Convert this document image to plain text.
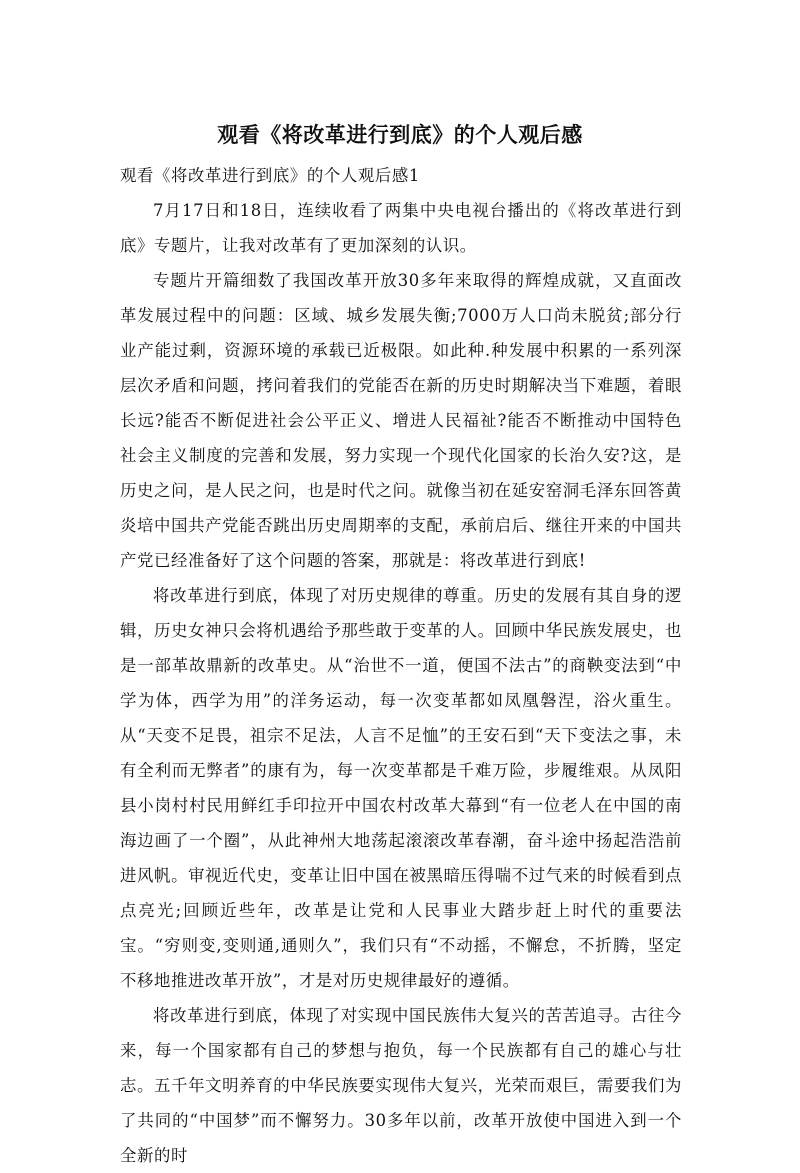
观看《将改革进行到底》的个人观后感

观看《将改革进行到底》的个人观后感1

7月17日和18日，连续收看了两集中央电视台播出的《将改革进行到底》专题片，让我对改革有了更加深刻的认识。

专题片开篇细数了我国改革开放30多年来取得的辉煌成就，又直面改革发展过程中的问题：区域、城乡发展失衡;7000万人口尚未脱贫;部分行业产能过剩，资源环境的承载已近极限。如此种.种发展中积累的一系列深层次矛盾和问题，拷问着我们的党能否在新的历史时期解决当下难题，着眼长远?能否不断促进社会公平正义、增进人民福祉?能否不断推动中国特色社会主义制度的完善和发展，努力实现一个现代化国家的长治久安?这，是历史之问，是人民之问，也是时代之问。就像当初在延安窑洞毛泽东回答黄炎培中国共产党能否跳出历史周期率的支配，承前启后、继往开来的中国共产党已经准备好了这个问题的答案，那就是：将改革进行到底!

将改革进行到底，体现了对历史规律的尊重。历史的发展有其自身的逻辑，历史女神只会将机遇给予那些敢于变革的人。回顾中华民族发展史，也是一部革故鼎新的改革史。从“治世不一道，便国不法古”的商鞅变法到“中学为体，西学为用”的洋务运动，每一次变革都如凤凰磐涅，浴火重生。从“天变不足畏，祖宗不足法，人言不足恤”的王安石到“天下变法之事，未有全利而无弊者”的康有为，每一次变革都是千难万险，步履维艰。从凤阳县小岗村村民用鲜红手印拉开中国农村改革大幕到“有一位老人在中国的南海边画了一个圈”，从此神州大地荡起滚滚改革春潮，奋斗途中扬起浩浩前进风帆。审视近代史，变革让旧中国在被黑暗压得喘不过气来的时候看到点点亮光;回顾近些年，改革是让党和人民事业大踏步赶上时代的重要法宝。“穷则变,变则通,通则久”，我们只有“不动摇，不懈怠，不折腾，坚定不移地推进改革开放”，才是对历史规律最好的遵循。

将改革进行到底，体现了对实现中国民族伟大复兴的苦苦追寻。古往今来，每一个国家都有自己的梦想与抱负，每一个民族都有自己的雄心与壮志。五千年文明养育的中华民族要实现伟大复兴，光荣而艰巨，需要我们为了共同的“中国梦”而不懈努力。30多年以前，改革开放使中国进入到一个全新的时
